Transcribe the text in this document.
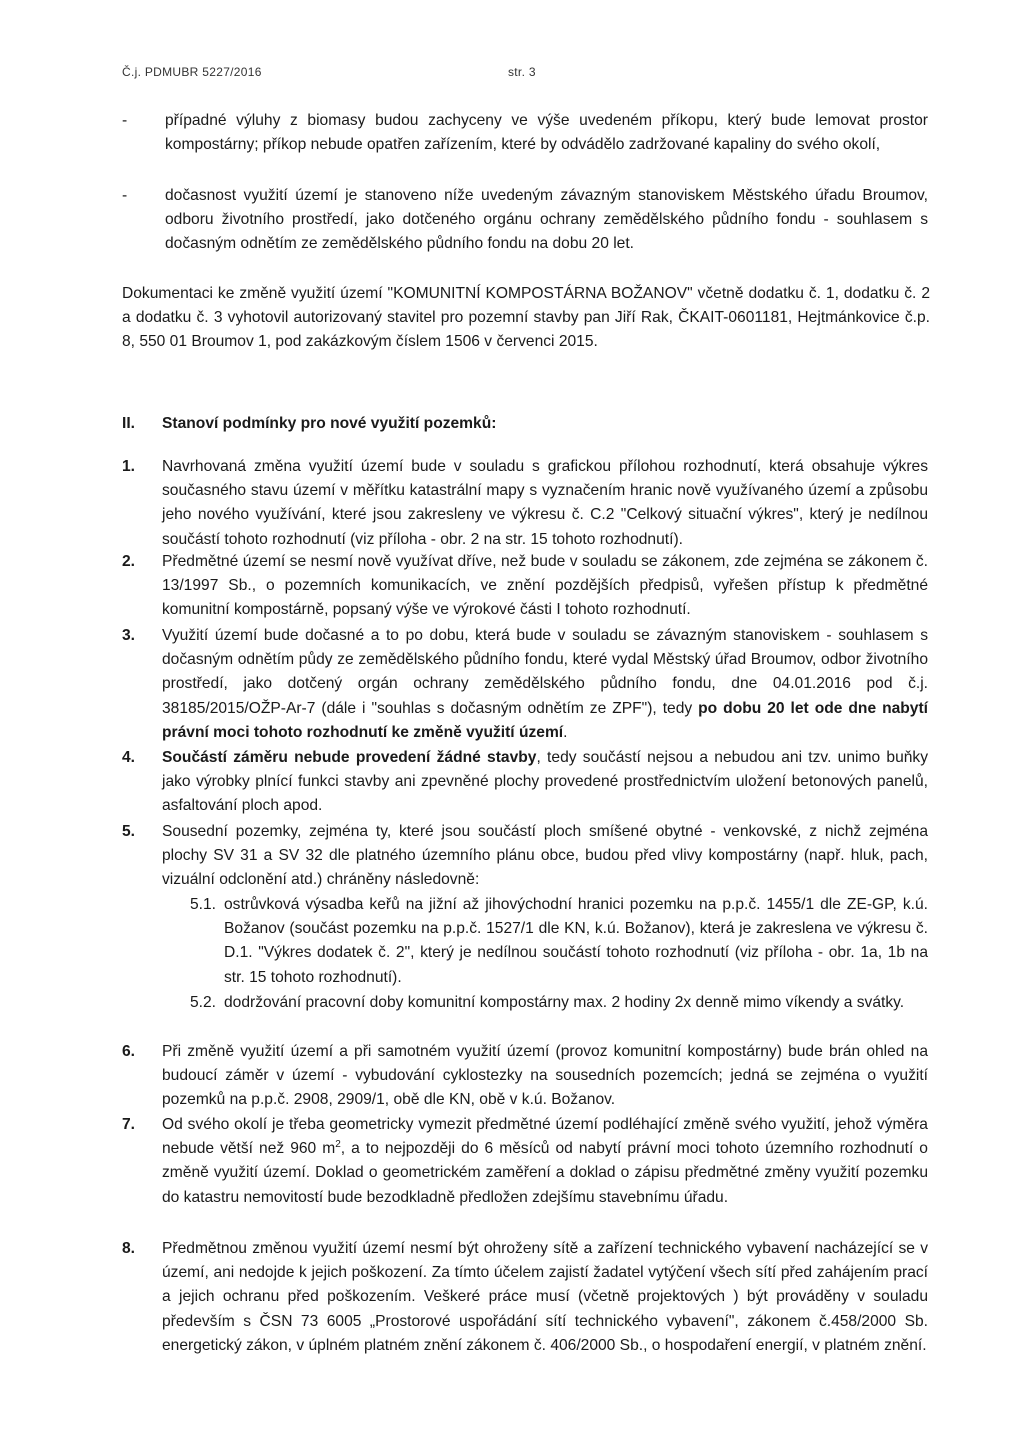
Č.j. PDMUBR 5227/2016	str. 3
- případné výluhy z biomasy budou zachyceny ve výše uvedeném příkopu, který bude lemovat prostor kompostárny; příkop nebude opatřen zařízením, které by odvádělo zadržované kapaliny do svého okolí,
- dočasnost využití území je stanoveno níže uvedeným závazným stanoviskem Městského úřadu Broumov, odboru životního prostředí, jako dotčeného orgánu ochrany zemědělského půdního fondu - souhlasem s dočasným odnětím ze zemědělského půdního fondu na dobu 20 let.
Dokumentaci ke změně využití území "KOMUNITNÍ KOMPOSTÁRNA BOŽANOV" včetně dodatku č. 1, dodatku č. 2 a dodatku č. 3 vyhotovil autorizovaný stavitel pro pozemní stavby pan Jiří Rak, ČKAIT-0601181, Hejtmánkovice č.p. 8, 550 01 Broumov 1, pod zakázkovým číslem 1506 v červenci 2015.
II. Stanoví podmínky pro nové využití pozemků:
1. Navrhovaná změna využití území bude v souladu s grafickou přílohou rozhodnutí, která obsahuje výkres současného stavu území v měřítku katastrální mapy s vyznačením hranic nově využívaného území a způsobu jeho nového využívání, které jsou zakresleny ve výkresu č. C.2 "Celkový situační výkres", který je nedílnou součástí tohoto rozhodnutí (viz příloha - obr. 2 na str. 15 tohoto rozhodnutí).
2. Předmětné území se nesmí nově využívat dříve, než bude v souladu se zákonem, zde zejména se zákonem č. 13/1997 Sb., o pozemních komunikacích, ve znění pozdějších předpisů, vyřešen přístup k předmětné komunitní kompostárně, popsaný výše ve výrokové části I tohoto rozhodnutí.
3. Využití území bude dočasné a to po dobu, která bude v souladu se závazným stanoviskem - souhlasem s dočasným odnětím půdy ze zemědělského půdního fondu, které vydal Městský úřad Broumov, odbor životního prostředí, jako dotčený orgán ochrany zemědělského půdního fondu, dne 04.01.2016 pod č.j. 38185/2015/OŽP-Ar-7 (dále i "souhlas s dočasným odnětím ze ZPF"), tedy po dobu 20 let ode dne nabytí právní moci tohoto rozhodnutí ke změně využití území.
4. Součástí záměru nebude provedení žádné stavby, tedy součástí nejsou a nebudou ani tzv. unimo buňky jako výrobky plnící funkci stavby ani zpevněné plochy provedené prostřednictvím uložení betonových panelů, asfaltování ploch apod.
5. Sousední pozemky, zejména ty, které jsou součástí ploch smíšené obytné - venkovské, z nichž zejména plochy SV 31 a SV 32 dle platného územního plánu obce, budou před vlivy kompostárny (např. hluk, pach, vizuální odclonění atd.) chráněny následovně:
5.1. ostrůvková výsadba keřů na jižní až jihovýchodní hranici pozemku na p.p.č. 1455/1 dle ZE-GP, k.ú. Božanov (součást pozemku na p.p.č. 1527/1 dle KN, k.ú. Božanov), která je zakreslena ve výkresu č. D.1. "Výkres dodatek č. 2", který je nedílnou součástí tohoto rozhodnutí (viz příloha - obr. 1a, 1b na str. 15 tohoto rozhodnutí).
5.2. dodržování pracovní doby komunitní kompostárny max. 2 hodiny 2x denně mimo víkendy a svátky.
6. Při změně využití území a při samotném využití území (provoz komunitní kompostárny) bude brán ohled na budoucí záměr v území - vybudování cyklostezky na sousedních pozemcích; jedná se zejména o využití pozemků na p.p.č. 2908, 2909/1, obě dle KN, obě v k.ú. Božanov.
7. Od svého okolí je třeba geometricky vymezit předmětné území podléhající změně svého využití, jehož výměra nebude větší než 960 $m^2$, a to nejpozději do 6 měsíců od nabytí právní moci tohoto územního rozhodnutí o změně využití území. Doklad o geometrickém zaměření a doklad o zápisu předmětné změny využití pozemku do katastru nemovitostí bude bezodkladně předložen zdejšímu stavebnímu úřadu.
8. Předmětnou změnou využití území nesmí být ohroženy sítě a zařízení technického vybavení nacházející se v území, ani nedojde k jejich poškození. Za tímto účelem zajistí žadatel vytýčení všech sítí před zahájením prací a jejich ochranu před poškozením. Veškeré práce musí (včetně projektových ) být prováděny v souladu především s ČSN 73 6005 „Prostorové uspořádání sítí technického vybavení", zákonem č.458/2000 Sb. energetický zákon, v úplném platném znění zákonem č. 406/2000 Sb., o hospodaření energií, v platném znění.
